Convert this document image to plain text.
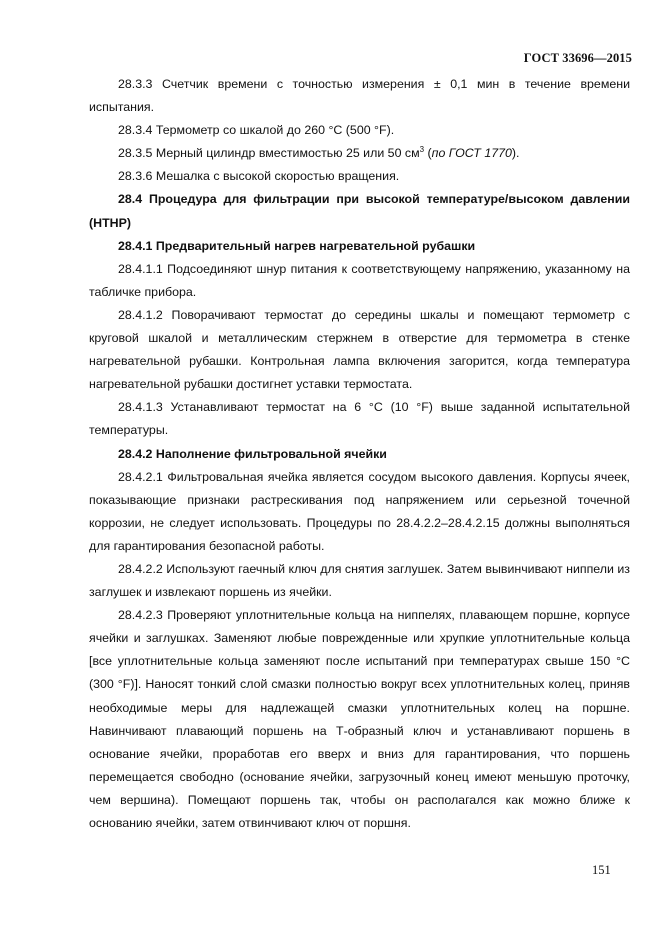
ГОСТ 33696—2015

28.3.3 Счетчик времени с точностью измерения ± 0,1 мин в течение времени испытания.

28.3.4 Термометр со шкалой до 260 °С (500 °F).

28.3.5 Мерный цилиндр вместимостью 25 или 50 $см^3$ (по ГОСТ 1770).

28.3.6 Мешалка с высокой скоростью вращения.

28.4 Процедура для фильтрации при высокой температуре/высоком давлении (НТНР)

28.4.1 Предварительный нагрев нагревательной рубашки

28.4.1.1 Подсоединяют шнур питания к соответствующему напряжению, указанному на табличке прибора.

28.4.1.2 Поворачивают термостат до середины шкалы и помещают термометр с круговой шкалой и металлическим стержнем в отверстие для термометра в стенке нагревательной рубашки. Контрольная лампа включения загорится, когда температура нагревательной рубашки достигнет уставки термостата.

28.4.1.3 Устанавливают термостат на 6 °С (10 °F) выше заданной испытательной температуры.

28.4.2 Наполнение фильтровальной ячейки

28.4.2.1 Фильтровальная ячейка является сосудом высокого давления. Корпусы ячеек, показывающие признаки растрескивания под напряжением или серьезной точечной коррозии, не следует использовать. Процедуры по 28.4.2.2–28.4.2.15 должны выполняться для гарантирования безопасной работы.

28.4.2.2 Используют гаечный ключ для снятия заглушек. Затем вывинчивают ниппели из заглушек и извлекают поршень из ячейки.

28.4.2.3 Проверяют уплотнительные кольца на ниппелях, плавающем поршне, корпусе ячейки и заглушках. Заменяют любые поврежденные или хрупкие уплотнительные кольца [все уплотнительные кольца заменяют после испытаний при температурах свыше 150 °С (300 °F)]. Наносят тонкий слой смазки полностью вокруг всех уплотнительных колец, приняв необходимые меры для надлежащей смазки уплотнительных колец на поршне. Навинчивают плавающий поршень на Т-образный ключ и устанавливают поршень в основание ячейки, проработав его вверх и вниз для гарантирования, что поршень перемещается свободно (основание ячейки, загрузочный конец имеют меньшую проточку, чем вершина). Помещают поршень так, чтобы он располагался как можно ближе к основанию ячейки, затем отвинчивают ключ от поршня.

151
